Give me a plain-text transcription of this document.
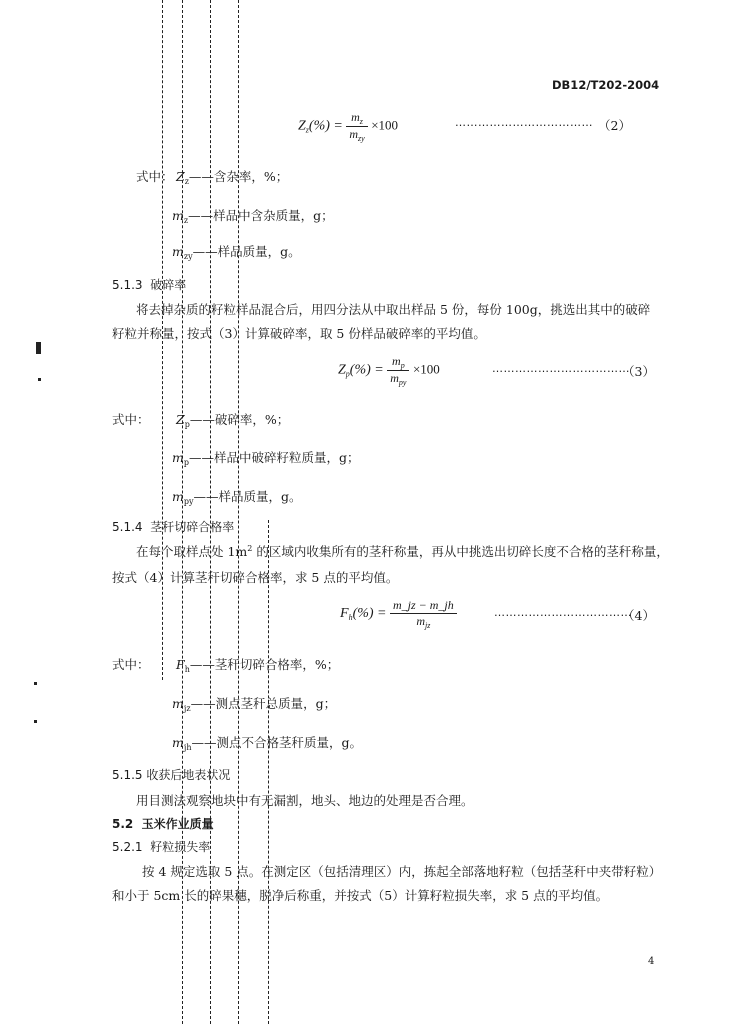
DB12/T202-2004
$Z_z(\%) = \frac{m_z}{m_{zy}} \times 100$	……………………………… （2）
式中： $Z_z——$含杂率，%；
$m_z——$样品中含杂质量，g；
$m_{zy}——$样品质量，g。
5.1.3 破碎率
将去掉杂质的籽粒样品混合后，用四分法从中取出样品 5 份，每份 100g，挑选出其中的破碎
籽粒并称量，按式（3）计算破碎率，取 5 份样品破碎率的平均值。
$Z_p(\%) = \frac{m_p}{m_{py}} \times 100$	………………………………
（3）
式中： $Z_p——$破碎率，%；
$m_p——$样品中破碎籽粒质量，g；
$m_{py}——$样品质量，g。
5.1.4 茎秆切碎合格率
在每个取样点处 $1m^2$ 的区域内收集所有的茎秆称量，再从中挑选出切碎长度不合格的茎秆称量，
按式（4）计算茎秆切碎合格率，求 5 点的平均值。
$F_h(\%) = \frac{m\_jz - m\_jh}{m_{jz}}$	………………………………
（4）
式中： $F_h——$茎秆切碎合格率，%；
$m_{jz}——$测点茎秆总质量，g；
$m_{jh}——$测点不合格茎秆质量，g。
5.1.5 收获后地表状况
用目测法观察地块中有无漏割，地头、地边的处理是否合理。
5.2 玉米作业质量
5.2.1 籽粒损失率
按 4 规定选取 5 点。在测定区（包括清理区）内，拣起全部落地籽粒（包括茎秆中夹带籽粒）
和小于 5cm 长的碎果穗，脱净后称重，并按式（5）计算籽粒损失率，求 5 点的平均值。
4
